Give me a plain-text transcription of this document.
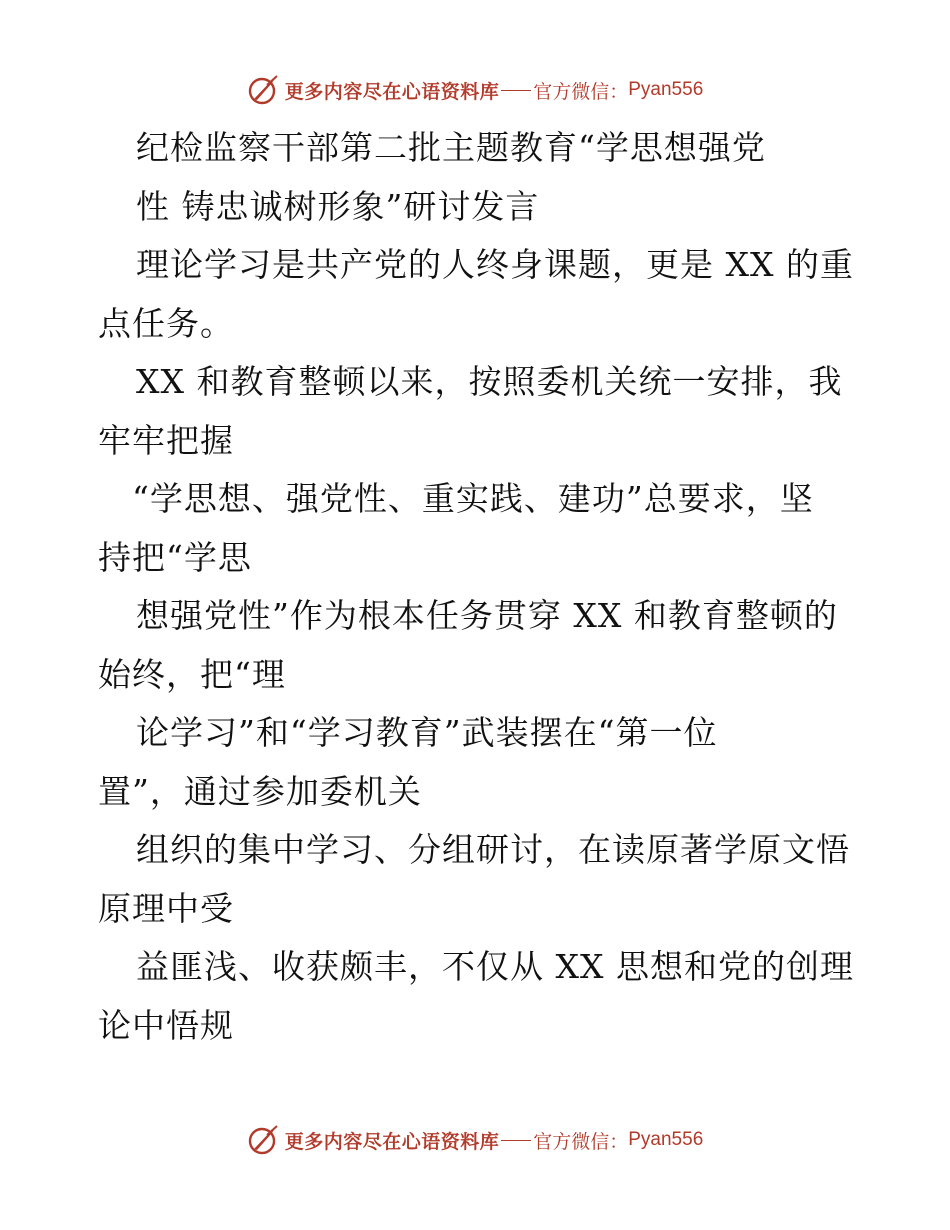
更多内容尽在心语资料库 官方微信： Pyan556
纪检监察干部第二批主题教育“学思想强党
性 铸忠诚树形象”研讨发言
理论学习是共产党的人终身课题，更是 XX 的重
点任务。
XX 和教育整顿以来，按照委机关统一安排，我
牢牢把握
“学思想、强党性、重实践、建功”总要求，坚
持把“学思
想强党性”作为根本任务贯穿 XX 和教育整顿的
始终，把“理
论学习”和“学习教育”武装摆在“第一位
置”，通过参加委机关
组织的集中学习、分组研讨，在读原著学原文悟
原理中受
益匪浅、收获颇丰，不仅从 XX 思想和党的创理
论中悟规
更多内容尽在心语资料库 官方微信： Pyan556
